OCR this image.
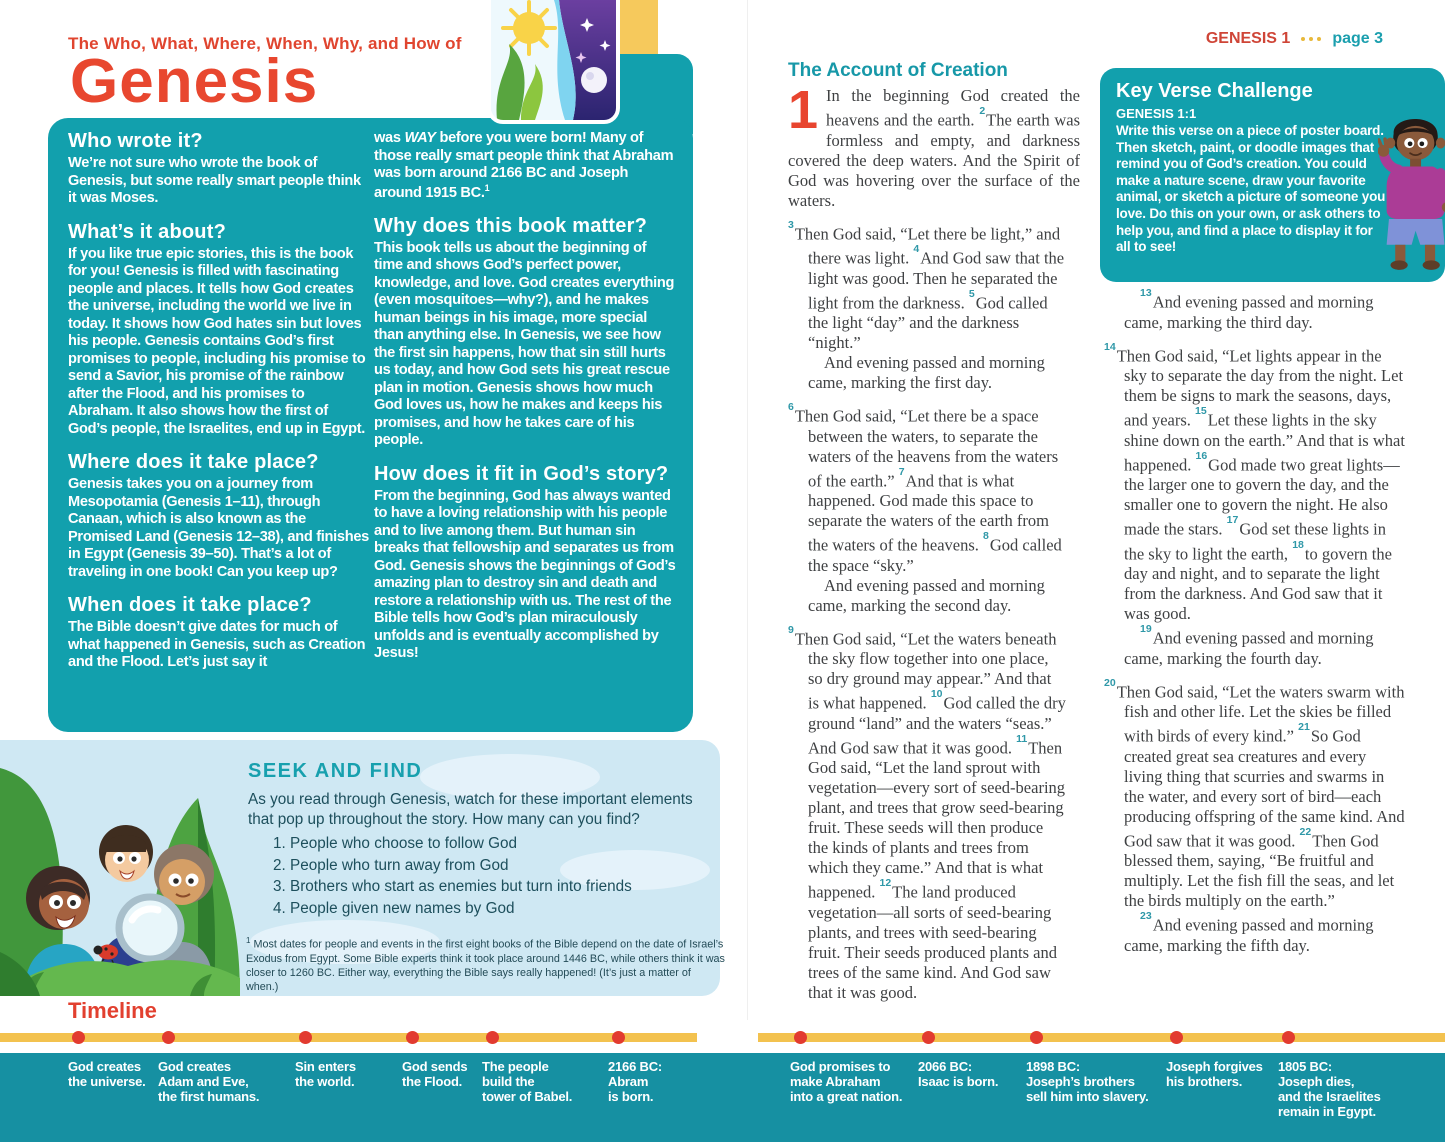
The Who, What, Where, When, Why, and How of
Genesis
Who wrote it?
We’re not sure who wrote the book of Genesis, but some really smart people think it was Moses.
What’s it about?
If you like true epic stories, this is the book for you! Genesis is filled with fascinating people and places. It tells how God creates the universe, including the world we live in today. It shows how God hates sin but loves his people. Genesis contains God’s first promises to people, including his promise to send a Savior, his promise of the rainbow after the Flood, and his promises to Abraham. It also shows how the first of God’s people, the Israelites, end up in Egypt.
Where does it take place?
Genesis takes you on a journey from Mesopotamia (Genesis 1–11), through Canaan, which is also known as the Promised Land (Genesis 12–38), and finishes in Egypt (Genesis 39–50). That’s a lot of traveling in one book! Can you keep up?
When does it take place?
The Bible doesn’t give dates for much of what happened in Genesis, such as Creation and the Flood. Let’s just say it
was WAY before you were born! Many of those really smart people think that Abraham was born around 2166 BC and Joseph around 1915 BC.$^1$
Why does this book matter?
This book tells us about the beginning of time and shows God’s perfect power, knowledge, and love. God creates everything (even mosquitoes—why?), and he makes human beings in his image, more special than anything else. In Genesis, we see how the first sin happens, how that sin still hurts us today, and how God sets his great rescue plan in motion. Genesis shows how much God loves us, how he makes and keeps his promises, and how he takes care of his people.
How does it fit in God’s story?
From the beginning, God has always wanted to have a loving relationship with his people and to live among them. But human sin breaks that fellowship and separates us from God. Genesis shows the beginnings of God’s amazing plan to destroy sin and death and restore a relationship with us. The rest of the Bible tells how God’s plan miraculously unfolds and is eventually accomplished by Jesus!
SEEK AND FIND
As you read through Genesis, watch for these important elements that pop up throughout the story. How many can you find?
1. People who choose to follow God
2. People who turn away from God
3. Brothers who start as enemies but turn into friends
4. People given new names by God
$^1$ Most dates for people and events in the first eight books of the Bible depend on the date of Israel’s Exodus from Egypt. Some Bible experts think it took place around 1446 BC, while others think it was closer to 1260 BC. Either way, everything the Bible says really happened! (It’s just a matter of when.)
Timeline
God creates
the universe.
God creates
Adam and Eve,
the first humans.
Sin enters
the world.
God sends
the Flood.
The people
build the
tower of Babel.
2166 BC:
Abram
is born.
God promises to
make Abraham
into a great nation.
2066 BC:
Isaac is born.
1898 BC:
Joseph’s brothers
sell him into slavery.
Joseph forgives
his brothers.
1805 BC:
Joseph dies,
and the Israelites
remain in Egypt.
GENESIS 1	page 3
The Account of Creation

1 In the beginning God created the heavens and the earth. $^2$The earth was formless and empty, and darkness covered the deep waters. And the Spirit of God was hovering over the surface of the waters.

$^3$Then God said, “Let there be light,” and there was light. $^4$And God saw that the light was good. Then he separated the light from the darkness. $^5$God called the light “day” and the darkness “night.”

And evening passed and morning came, marking the first day.

$^6$Then God said, “Let there be a space between the waters, to separate the waters of the heavens from the waters of the earth.” $^7$And that is what happened. God made this space to separate the waters of the earth from the waters of the heavens. $^8$God called the space “sky.”

And evening passed and morning came, marking the second day.

$^9$Then God said, “Let the waters beneath the sky flow together into one place, so dry ground may appear.” And that is what happened. $^{10}$God called the dry ground “land” and the waters “seas.” And God saw that it was good. $^{11}$Then God said, “Let the land sprout with vegetation—every sort of seed-bearing plant, and trees that grow seed-bearing fruit. These seeds will then produce the kinds of plants and trees from which they came.” And that is what happened. $^{12}$The land produced vegetation—all sorts of seed-bearing plants, and trees with seed-bearing fruit. Their seeds produced plants and trees of the same kind. And God saw that it was good.

$^{13}$And evening passed and morning came, marking the third day.

$^{14}$Then God said, “Let lights appear in the sky to separate the day from the night. Let them be signs to mark the seasons, days, and years. $^{15}$Let these lights in the sky shine down on the earth.” And that is what happened. $^{16}$God made two great lights—the larger one to govern the day, and the smaller one to govern the night. He also made the stars. $^{17}$God set these lights in the sky to light the earth, $^{18}$to govern the day and night, and to separate the light from the darkness. And God saw that it was good.

$^{19}$And evening passed and morning came, marking the fourth day.

$^{20}$Then God said, “Let the waters swarm with fish and other life. Let the skies be filled with birds of every kind.” $^{21}$So God created great sea creatures and every living thing that scurries and swarms in the water, and every sort of bird—each producing offspring of the same kind. And God saw that it was good. $^{22}$Then God blessed them, saying, “Be fruitful and multiply. Let the fish fill the seas, and let the birds multiply on the earth.”

$^{23}$And evening passed and morning came, marking the fifth day.

Key Verse Challenge
GENESIS 1:1
Write this verse on a piece of poster board. Then sketch, paint, or doodle images that remind you of God’s creation. You could make a nature scene, draw your favorite animal, or sketch a picture of someone you love. Do this on your own, or ask others to help you, and find a place to display it for all to see!
